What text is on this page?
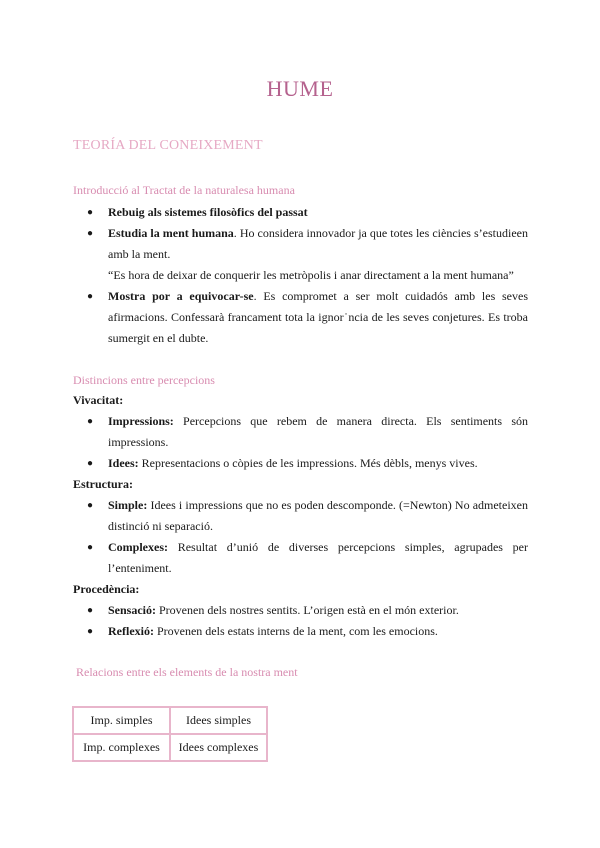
HUME
TEORÍA DEL CONEIXEMENT
Introducció al Tractat de la naturalesa humana
● Rebuig als sistemes filosòfics del passat
● Estudia la ment humana. Ho considera innovador ja que totes les ciències s’estudieen amb la ment.
“Es hora de deixar de conquerir les metròpolis i anar directament a la ment humana”
● Mostra por a equivocar-se. Es compromet a ser molt cuidadós amb les seves afirmacions. Confessarà francament tota la ignor˙ncia de les seves conjetures. Es troba sumergit en el dubte.
Distincions entre percepcions
Vivacitat:
● Impressions: Percepcions que rebem de manera directa. Els sentiments són impressions.
● Idees: Representacions o còpies de les impressions. Més dèbls, menys vives.
Estructura:
● Simple: Idees i impressions que no es poden descomponde. (=Newton) No admeteixen distinció ni separació.
● Complexes: Resultat d’unió de diverses percepcions simples, agrupades per l’enteniment.
Procedència:
● Sensació: Provenen dels nostres sentits. L’origen està en el món exterior.
● Reflexió: Provenen dels estats interns de la ment, com les emocions.
Relacions entre els elements de la nostra ment
Imp. simples	Idees simples
Imp. complexes	Idees complexes
